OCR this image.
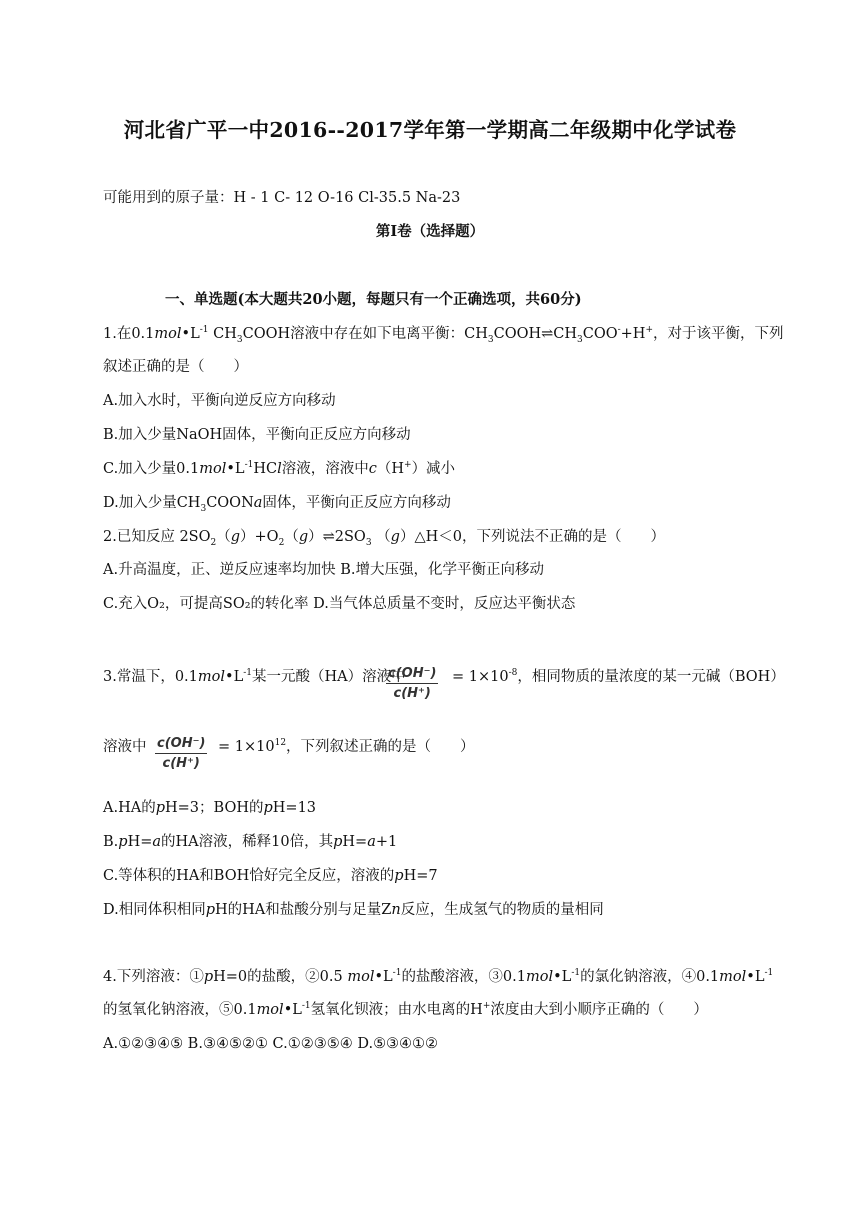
河北省广平一中2016--2017学年第一学期高二年级期中化学试卷
可能用到的原子量：H - 1 C- 12 O-16 Cl-35.5 Na-23
第I卷（选择题）
一、单选题(本大题共20小题，每题只有一个正确选项，共60分)
1.在$0.1mol•L^{-1}$ $CH_3COOH$溶液中存在如下电离平衡：$CH_3COOH\rightleftharpoons CH_3COO^-+H^+$，对于该平衡，下列
叙述正确的是（　　）
A.加入水时，平衡向逆反应方向移动
B.加入少量NaOH固体，平衡向正反应方向移动
C.加入少量$0.1mol•L^{-1}HCl$溶液，溶液中c（H+）减小
D.加入少量$CH_3COONa$固体，平衡向正反应方向移动
2.已知反应 $2SO_2(g)+O_2(g)\rightleftharpoons 2SO_3$ （g）△H＜0，下列说法不正确的是（　　）
A.升高温度，正、逆反应速率均加快 B.增大压强，化学平衡正向移动
C.充入O₂，可提高SO₂的转化率 D.当气体总质量不变时，反应达平衡状态
3.常温下，$0.1mol•L^{-1}$某一元酸（HA）溶液中
c(OH⁻)
c(H⁺)
= $1\times 10^{-8}$，相同物质的量浓度的某一元碱（BOH）
溶液中 c(OH⁻)
c(H⁺)
= $1\times 10^{12}$，下列叙述正确的是（　　）
A.HA的pH=3；BOH的pH=13
B.pH=a的HA溶液，稀释10倍，其pH=a+1
C.等体积的HA和BOH恰好完全反应，溶液的pH=7
D.相同体积相同pH的HA和盐酸分别与足量Zn反应，生成氢气的物质的量相同
4.下列溶液：①pH=0的盐酸，②0.5 $mol•L^{-1}$的盐酸溶液，$③0.1mol•L^{-1}$的氯化钠溶液，$④0.1mol•L^{-1}$
的氢氧化钠溶液，$⑤0.1mol•L^{-1}$氢氧化钡液；由水电离的H+浓度由大到小顺序正确的（　　）
A.①②③④⑤ B.③④⑤②① C.①②③⑤④ D.⑤③④①②
